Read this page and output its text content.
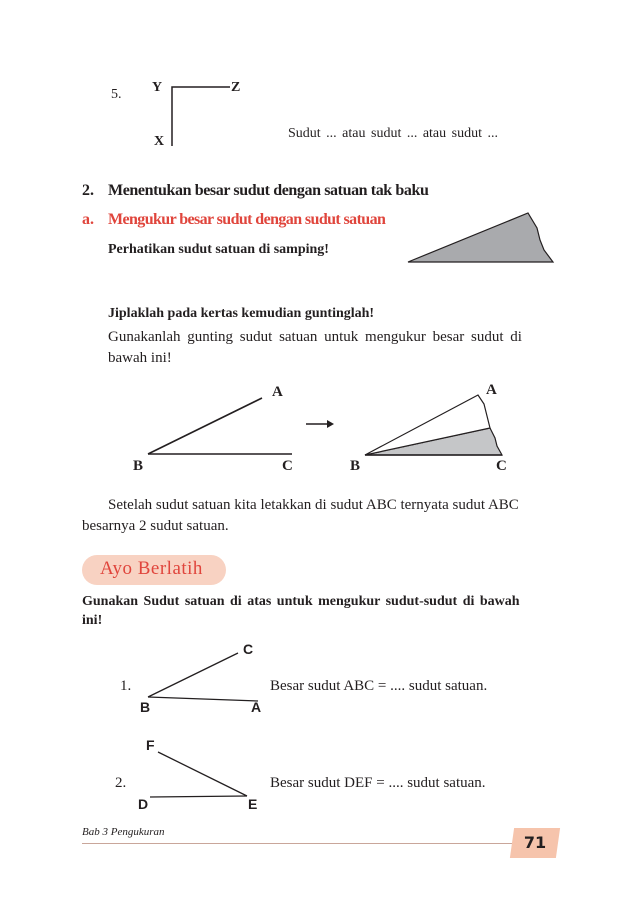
5. Y	Z
X
Sudut ... atau sudut ... atau sudut ...
2. Menentukan besar sudut dengan satuan tak baku
a. Mengukur besar sudut dengan sudut satuan
Perhatikan sudut satuan di samping!
Jiplaklah pada kertas kemudian guntinglah!
Gunakanlah gunting sudut satuan untuk mengukur besar sudut di
bawah ini!
A
B	C
A
B	C
Setelah sudut satuan kita letakkan di sudut ABC ternyata sudut ABC
besarnya 2 sudut satuan.
Ayo Berlatih
Gunakan Sudut satuan di atas untuk mengukur sudut-sudut di bawah
ini!
1.
C
B	A
Besar sudut ABC = .... sudut satuan.
2.
F
D	E
Besar sudut DEF = .... sudut satuan.
Bab 3 Pengukuran
71
